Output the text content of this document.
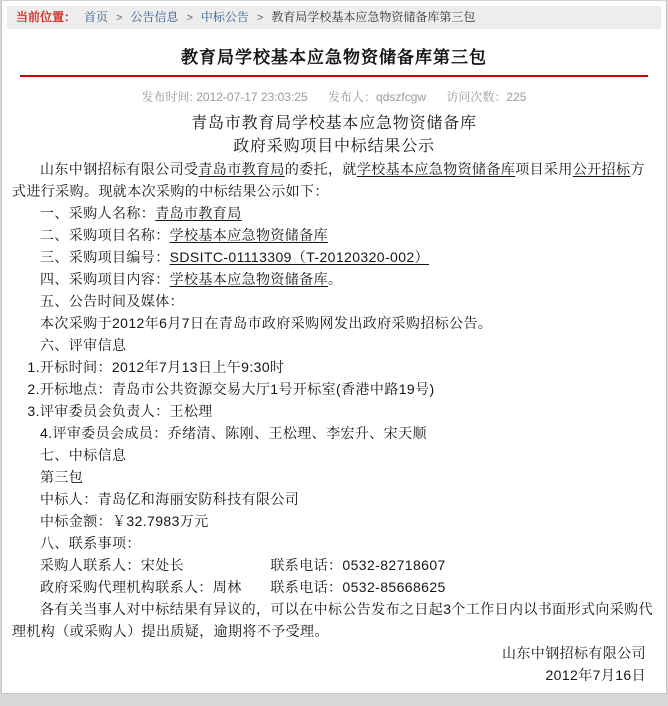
当前位置： 首页 > 公告信息 > 中标公告 > 教育局学校基本应急物资储备库第三包
教育局学校基本应急物资储备库第三包
发布时间: 2012-07-17 23:03:25 发布人：qdszfcgw 访问次数：225
青岛市教育局学校基本应急物资储备库
政府采购项目中标结果公示
山东中钢招标有限公司受青岛市教育局的委托，就学校基本应急物资储备库项目采用公开招标方式进行采购。现就本次采购的中标结果公示如下：
一、采购人名称：青岛市教育局
二、采购项目名称：学校基本应急物资储备库
三、采购项目编号：SDSITC-01113309（T-20120320-002）
四、采购项目内容：学校基本应急物资储备库。
五、公告时间及媒体：
本次采购于2012年6月7日在青岛市政府采购网发出政府采购招标公告。
六、评审信息
1.开标时间：2012年7月13日上午9:30时
2.开标地点：青岛市公共资源交易大厅1号开标室(香港中路19号)
3.评审委员会负责人：王松理
4.评审委员会成员：乔绪清、陈刚、王松理、李宏升、宋天顺
七、中标信息
第三包
中标人：青岛亿和海丽安防科技有限公司
中标金额：￥32.7983万元
八、联系事项：
采购人联系人：宋处长　　　　　　联系电话：0532-82718607
政府采购代理机构联系人：周林　　联系电话：0532-85668625
各有关当事人对中标结果有异议的，可以在中标公告发布之日起3个工作日内以书面形式向采购代理机构（或采购人）提出质疑，逾期将不予受理。
山东中钢招标有限公司
2012年7月16日
